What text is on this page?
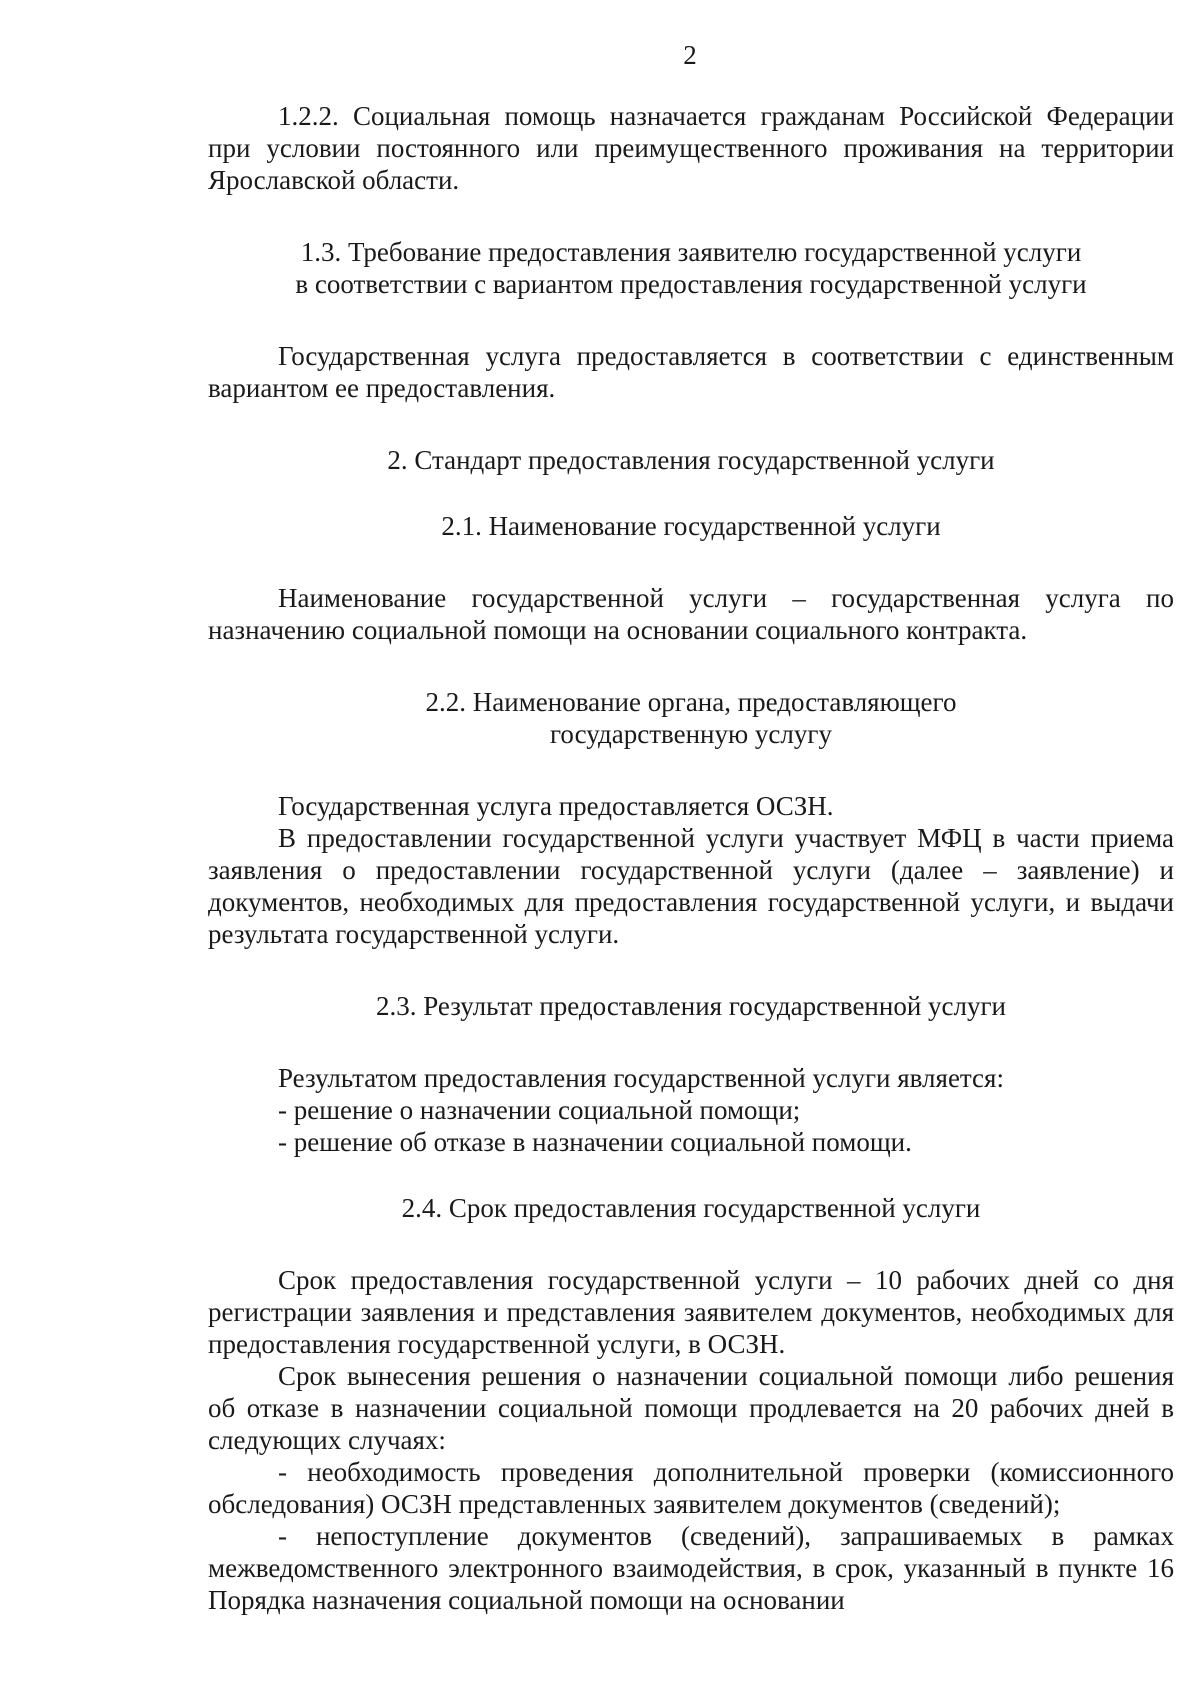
2

1.2.2. Социальная помощь назначается гражданам Российской Федерации при условии постоянного или преимущественного проживания на территории Ярославской области.

1.3. Требование предоставления заявителю государственной услуги
в соответствии с вариантом предоставления государственной услуги

Государственная услуга предоставляется в соответствии с единственным вариантом ее предоставления.

2. Стандарт предоставления государственной услуги

2.1. Наименование государственной услуги

Наименование государственной услуги – государственная услуга по назначению социальной помощи на основании социального контракта.

2.2. Наименование органа, предоставляющего
государственную услугу

Государственная услуга предоставляется ОСЗН.

В предоставлении государственной услуги участвует МФЦ в части приема заявления о предоставлении государственной услуги (далее – заявление) и документов, необходимых для предоставления государственной услуги, и выдачи результата государственной услуги.

2.3. Результат предоставления государственной услуги

Результатом предоставления государственной услуги является:

- решение о назначении социальной помощи;

- решение об отказе в назначении социальной помощи.

2.4. Срок предоставления государственной услуги

Срок предоставления государственной услуги – 10 рабочих дней со дня регистрации заявления и представления заявителем документов, необходимых для предоставления государственной услуги, в ОСЗН.

Срок вынесения решения о назначении социальной помощи либо решения об отказе в назначении социальной помощи продлевается на 20 рабочих дней в следующих случаях:

- необходимость проведения дополнительной проверки (комиссионного обследования) ОСЗН представленных заявителем документов (сведений);

- непоступление документов (сведений), запрашиваемых в рамках межведомственного электронного взаимодействия, в срок, указанный в пункте 16 Порядка назначения социальной помощи на основании
